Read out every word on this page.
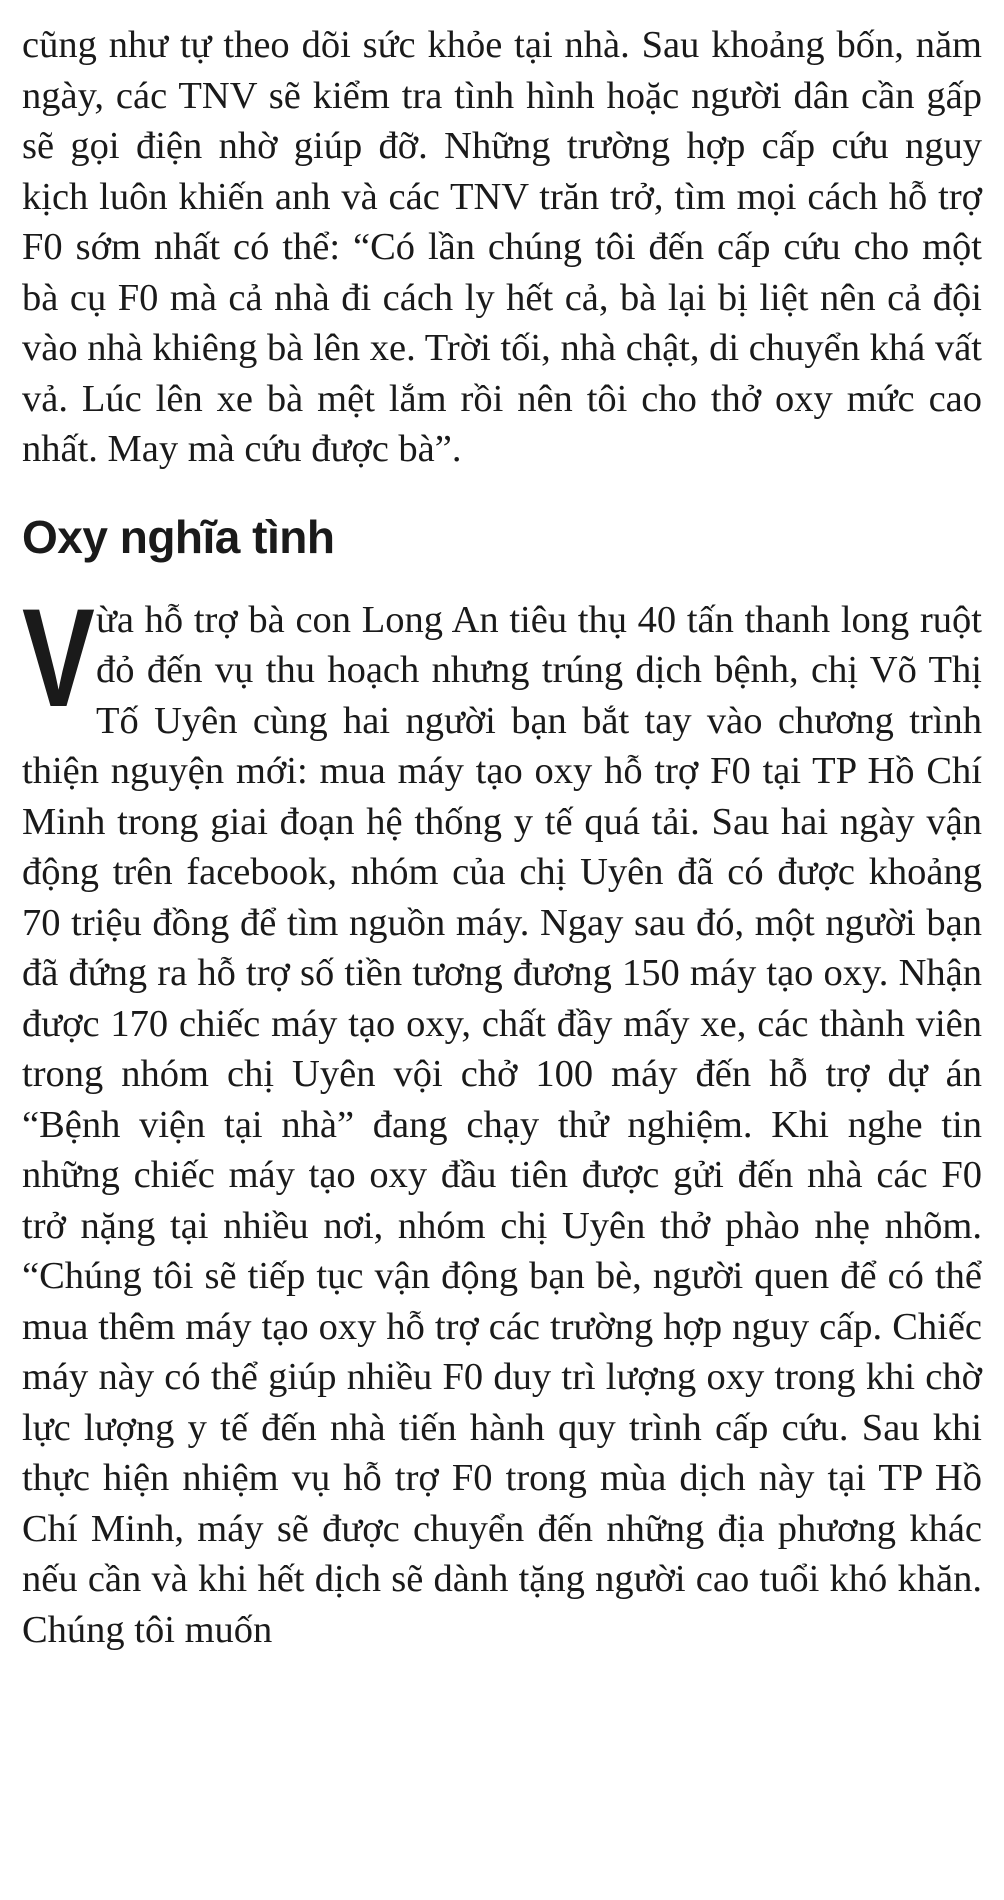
cũng như tự theo dõi sức khỏe tại nhà. Sau khoảng bốn, năm ngày, các TNV sẽ kiểm tra tình hình hoặc người dân cần gấp sẽ gọi điện nhờ giúp đỡ. Những trường hợp cấp cứu nguy kịch luôn khiến anh và các TNV trăn trở, tìm mọi cách hỗ trợ F0 sớm nhất có thể: “Có lần chúng tôi đến cấp cứu cho một bà cụ F0 mà cả nhà đi cách ly hết cả, bà lại bị liệt nên cả đội vào nhà khiêng bà lên xe. Trời tối, nhà chật, di chuyển khá vất vả. Lúc lên xe bà mệt lắm rồi nên tôi cho thở oxy mức cao nhất. May mà cứu được bà”.

Oxy nghĩa tình

Vừa hỗ trợ bà con Long An tiêu thụ 40 tấn thanh long ruột đỏ đến vụ thu hoạch nhưng trúng dịch bệnh, chị Võ Thị Tố Uyên cùng hai người bạn bắt tay vào chương trình thiện nguyện mới: mua máy tạo oxy hỗ trợ F0 tại TP Hồ Chí Minh trong giai đoạn hệ thống y tế quá tải. Sau hai ngày vận động trên facebook, nhóm của chị Uyên đã có được khoảng 70 triệu đồng để tìm nguồn máy. Ngay sau đó, một người bạn đã đứng ra hỗ trợ số tiền tương đương 150 máy tạo oxy. Nhận được 170 chiếc máy tạo oxy, chất đầy mấy xe, các thành viên trong nhóm chị Uyên vội chở 100 máy đến hỗ trợ dự án “Bệnh viện tại nhà” đang chạy thử nghiệm. Khi nghe tin những chiếc máy tạo oxy đầu tiên được gửi đến nhà các F0 trở nặng tại nhiều nơi, nhóm chị Uyên thở phào nhẹ nhõm. “Chúng tôi sẽ tiếp tục vận động bạn bè, người quen để có thể mua thêm máy tạo oxy hỗ trợ các trường hợp nguy cấp. Chiếc máy này có thể giúp nhiều F0 duy trì lượng oxy trong khi chờ lực lượng y tế đến nhà tiến hành quy trình cấp cứu. Sau khi thực hiện nhiệm vụ hỗ trợ F0 trong mùa dịch này tại TP Hồ Chí Minh, máy sẽ được chuyển đến những địa phương khác nếu cần và khi hết dịch sẽ dành tặng người cao tuổi khó khăn. Chúng tôi muốn
